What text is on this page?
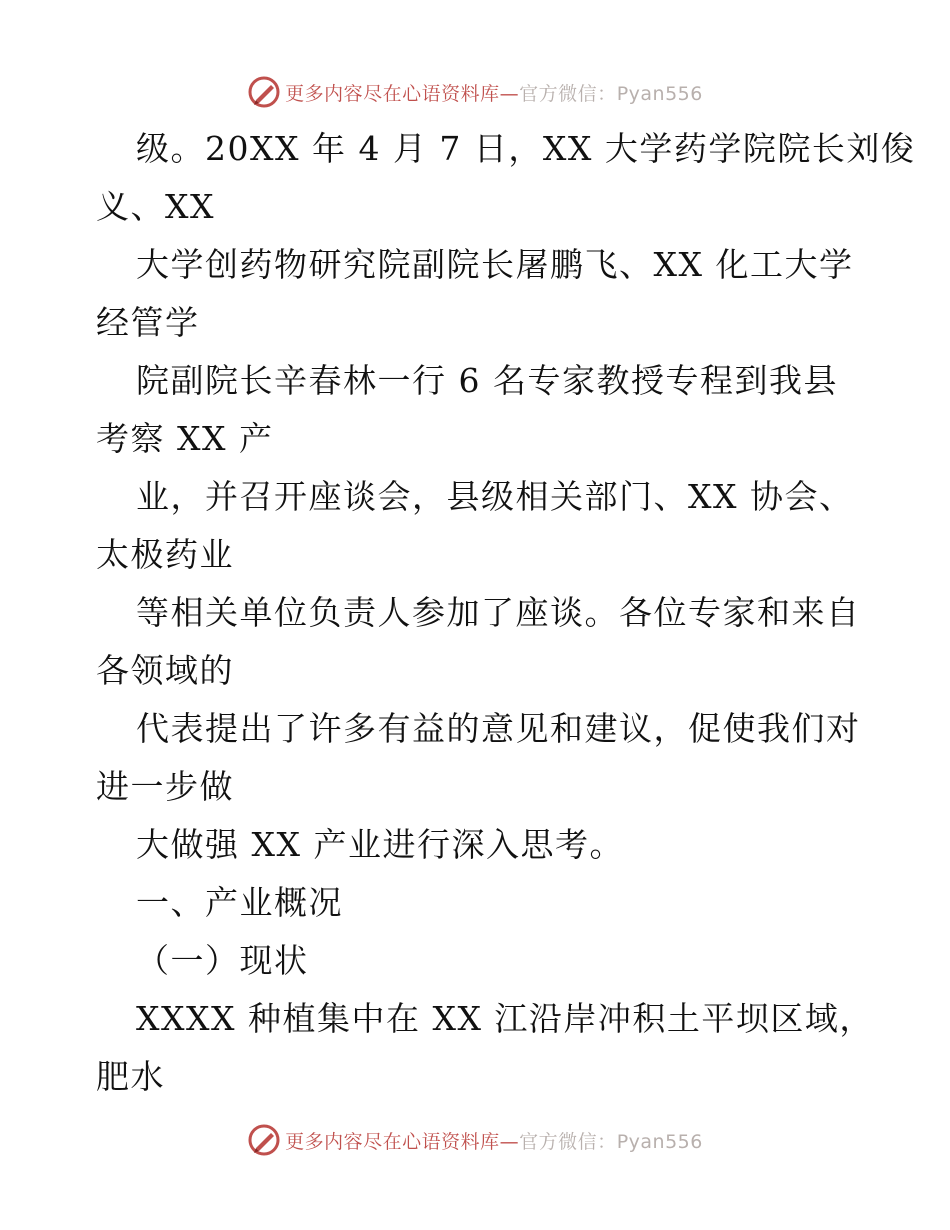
更多内容尽在心语资料库—官方微信：Pyan556
级。20XX 年 4 月 7 日，XX 大学药学院院长刘俊
义、XX
大学创药物研究院副院长屠鹏飞、XX 化工大学
经管学
院副院长辛春林一行 6 名专家教授专程到我县
考察 XX 产
业，并召开座谈会，县级相关部门、XX 协会、
太极药业
等相关单位负责人参加了座谈。各位专家和来自
各领域的
代表提出了许多有益的意见和建议，促使我们对
进一步做
大做强 XX 产业进行深入思考。
一、产业概况
（一）现状
XXXX 种植集中在 XX 江沿岸冲积土平坝区域，
肥水
更多内容尽在心语资料库—官方微信：Pyan556
